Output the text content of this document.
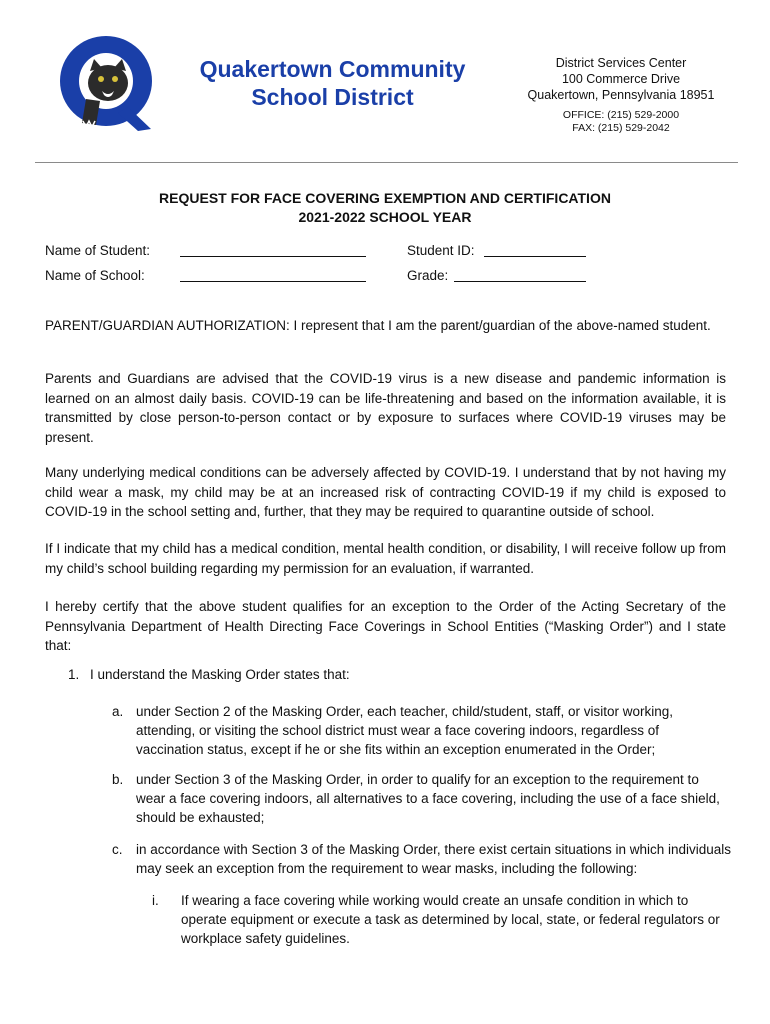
Quakertown Community
School District
District Services Center
100 Commerce Drive
Quakertown, Pennsylvania 18951
OFFICE: (215) 529-2000
FAX: (215) 529-2042
REQUEST FOR FACE COVERING EXEMPTION AND CERTIFICATION
2021-2022 SCHOOL YEAR
Name of Student:	Student ID:
Name of School:	Grade:

PARENT/GUARDIAN AUTHORIZATION: I represent that I am the parent/guardian of the above-named student.

Parents and Guardians are advised that the COVID-19 virus is a new disease and pandemic information is learned on an almost daily basis. COVID-19 can be life-threatening and based on the information available, it is transmitted by close person-to-person contact or by exposure to surfaces where COVID-19 viruses may be present.

Many underlying medical conditions can be adversely affected by COVID-19. I understand that by not having my child wear a mask, my child may be at an increased risk of contracting COVID-19 if my child is exposed to COVID-19 in the school setting and, further, that they may be required to quarantine outside of school.

If I indicate that my child has a medical condition, mental health condition, or disability, I will receive follow up from my child’s school building regarding my permission for an evaluation, if warranted.

I hereby certify that the above student qualifies for an exception to the Order of the Acting Secretary of the Pennsylvania Department of Health Directing Face Coverings in School Entities (“Masking Order”) and I state that:

1. I understand the Masking Order states that:
a. under Section 2 of the Masking Order, each teacher, child/student, staff, or visitor working, attending, or visiting the school district must wear a face covering indoors, regardless of vaccination status, except if he or she fits within an exception enumerated in the Order;
b. under Section 3 of the Masking Order, in order to qualify for an exception to the requirement to wear a face covering indoors, all alternatives to a face covering, including the use of a face shield, should be exhausted;
c. in accordance with Section 3 of the Masking Order, there exist certain situations in which individuals may seek an exception from the requirement to wear masks, including the following:
i. If wearing a face covering while working would create an unsafe condition in which to operate equipment or execute a task as determined by local, state, or federal regulators or workplace safety guidelines.
